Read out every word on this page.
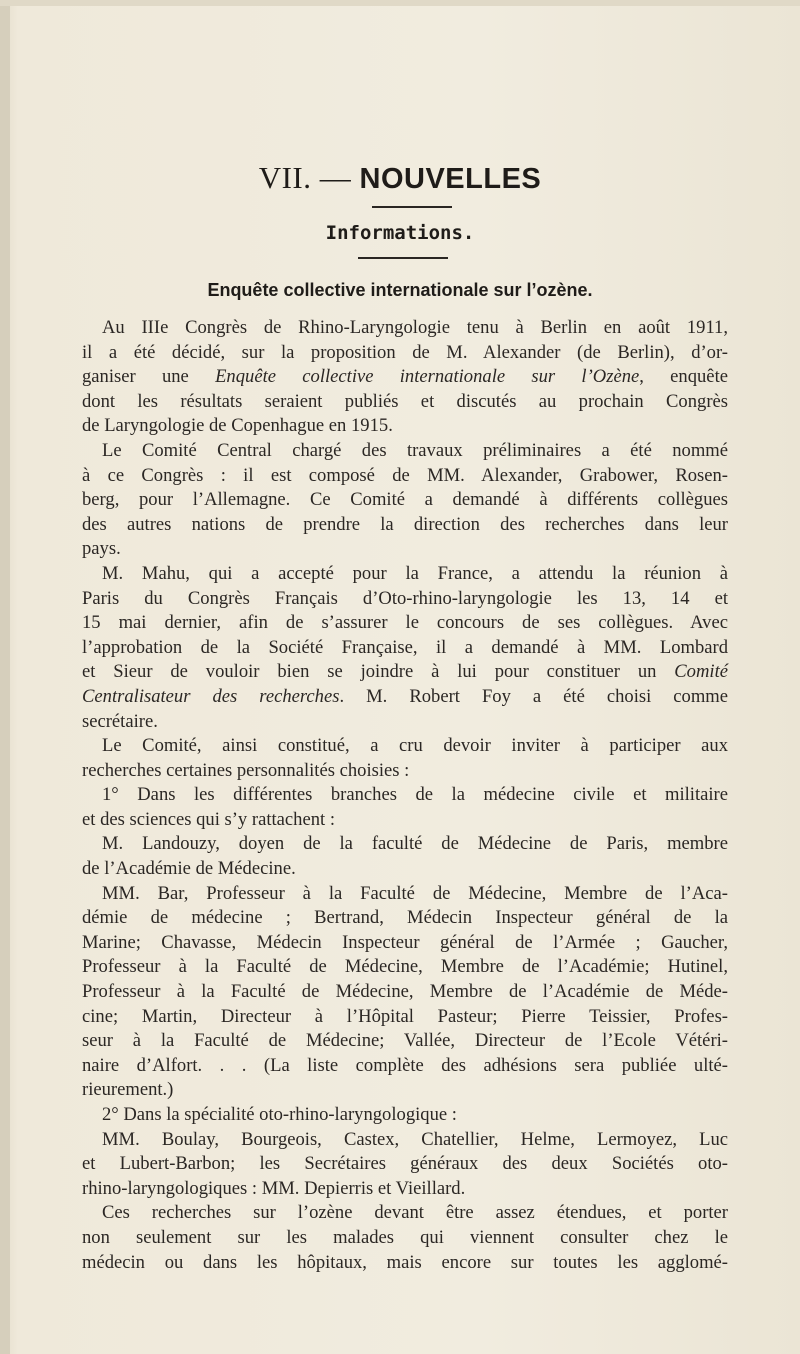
VII. — NOUVELLES
Informations.
Enquête collective internationale sur l’ozène.
Au IIIe Congrès de Rhino-Laryngologie tenu à Berlin en août 1911,
il a été décidé, sur la proposition de M. Alexander (de Berlin), d’or-
ganiser une Enquête collective internationale sur l’Ozène, enquête
dont les résultats seraient publiés et discutés au prochain Congrès
de Laryngologie de Copenhague en 1915.
Le Comité Central chargé des travaux préliminaires a été nommé
à ce Congrès : il est composé de MM. Alexander, Grabower, Rosen-
berg, pour l’Allemagne. Ce Comité a demandé à différents collègues
des autres nations de prendre la direction des recherches dans leur
pays.
M. Mahu, qui a accepté pour la France, a attendu la réunion à
Paris du Congrès Français d’Oto-rhino-laryngologie les 13, 14 et
15 mai dernier, afin de s’assurer le concours de ses collègues. Avec
l’approbation de la Société Française, il a demandé à MM. Lombard
et Sieur de vouloir bien se joindre à lui pour constituer un Comité
Centralisateur des recherches. M. Robert Foy a été choisi comme
secrétaire.
Le Comité, ainsi constitué, a cru devoir inviter à participer aux
recherches certaines personnalités choisies :
1° Dans les différentes branches de la médecine civile et militaire
et des sciences qui s’y rattachent :
M. Landouzy, doyen de la faculté de Médecine de Paris, membre
de l’Académie de Médecine.
MM. Bar, Professeur à la Faculté de Médecine, Membre de l’Aca-
démie de médecine ; Bertrand, Médecin Inspecteur général de la
Marine; Chavasse, Médecin Inspecteur général de l’Armée ; Gaucher,
Professeur à la Faculté de Médecine, Membre de l’Académie; Hutinel,
Professeur à la Faculté de Médecine, Membre de l’Académie de Méde-
cine; Martin, Directeur à l’Hôpital Pasteur; Pierre Teissier, Profes-
seur à la Faculté de Médecine; Vallée, Directeur de l’Ecole Vétéri-
naire d’Alfort. . . (La liste complète des adhésions sera publiée ulté-
rieurement.)
2° Dans la spécialité oto-rhino-laryngologique :
MM. Boulay, Bourgeois, Castex, Chatellier, Helme, Lermoyez, Luc
et Lubert-Barbon; les Secrétaires généraux des deux Sociétés oto-
rhino-laryngologiques : MM. Depierris et Vieillard.
Ces recherches sur l’ozène devant être assez étendues, et porter
non seulement sur les malades qui viennent consulter chez le
médecin ou dans les hôpitaux, mais encore sur toutes les agglomé-
